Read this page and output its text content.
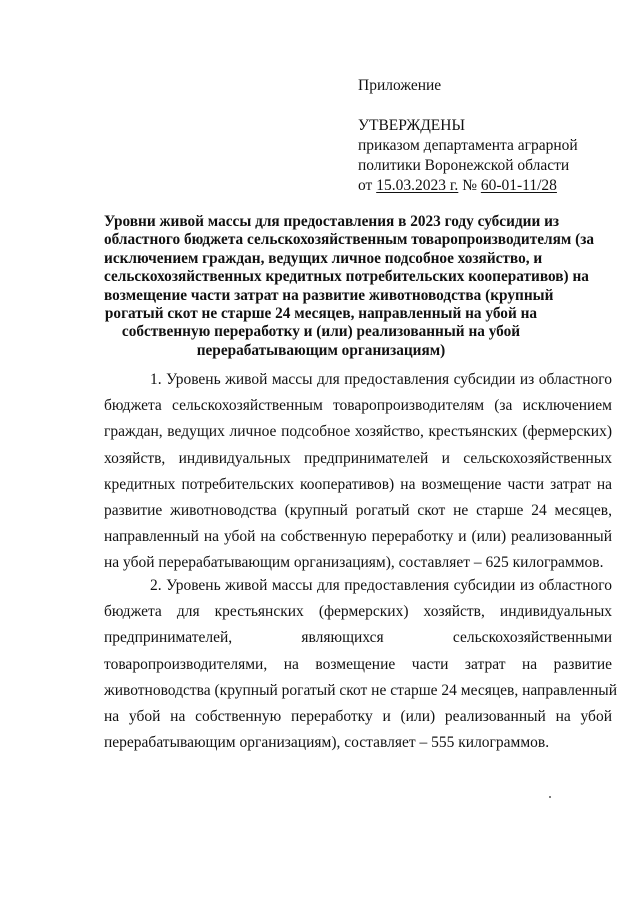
Приложение
УТВЕРЖДЕНЫ
приказом департамента аграрной
политики Воронежской области
от 15.03.2023 г. № 60-01-11/28
Уровни живой массы для предоставления в 2023 году субсидии из
областного бюджета сельскохозяйственным товаропроизводителям (за
исключением граждан, ведущих личное подсобное хозяйство, и
сельскохозяйственных кредитных потребительских кооперативов) на
возмещение части затрат на развитие животноводства (крупный
рогатый скот не старше 24 месяцев, направленный на убой на
собственную переработку и (или) реализованный на убой
перерабатывающим организациям)
1. Уровень живой массы для предоставления субсидии из областного
бюджета сельскохозяйственным товаропроизводителям (за исключением
граждан, ведущих личное подсобное хозяйство, крестьянских (фермерских)
хозяйств, индивидуальных предпринимателей и сельскохозяйственных
кредитных потребительских кооперативов) на возмещение части затрат на
развитие животноводства (крупный рогатый скот не старше 24 месяцев,
направленный на убой на собственную переработку и (или) реализованный
на убой перерабатывающим организациям), составляет – 625 килограммов.
2. Уровень живой массы для предоставления субсидии из областного
бюджета для крестьянских (фермерских) хозяйств, индивидуальных
предпринимателей, являющихся сельскохозяйственными
товаропроизводителями, на возмещение части затрат на развитие
животноводства (крупный рогатый скот не старше 24 месяцев, направленный
на убой на собственную переработку и (или) реализованный на убой
перерабатывающим организациям), составляет – 555 килограммов.
